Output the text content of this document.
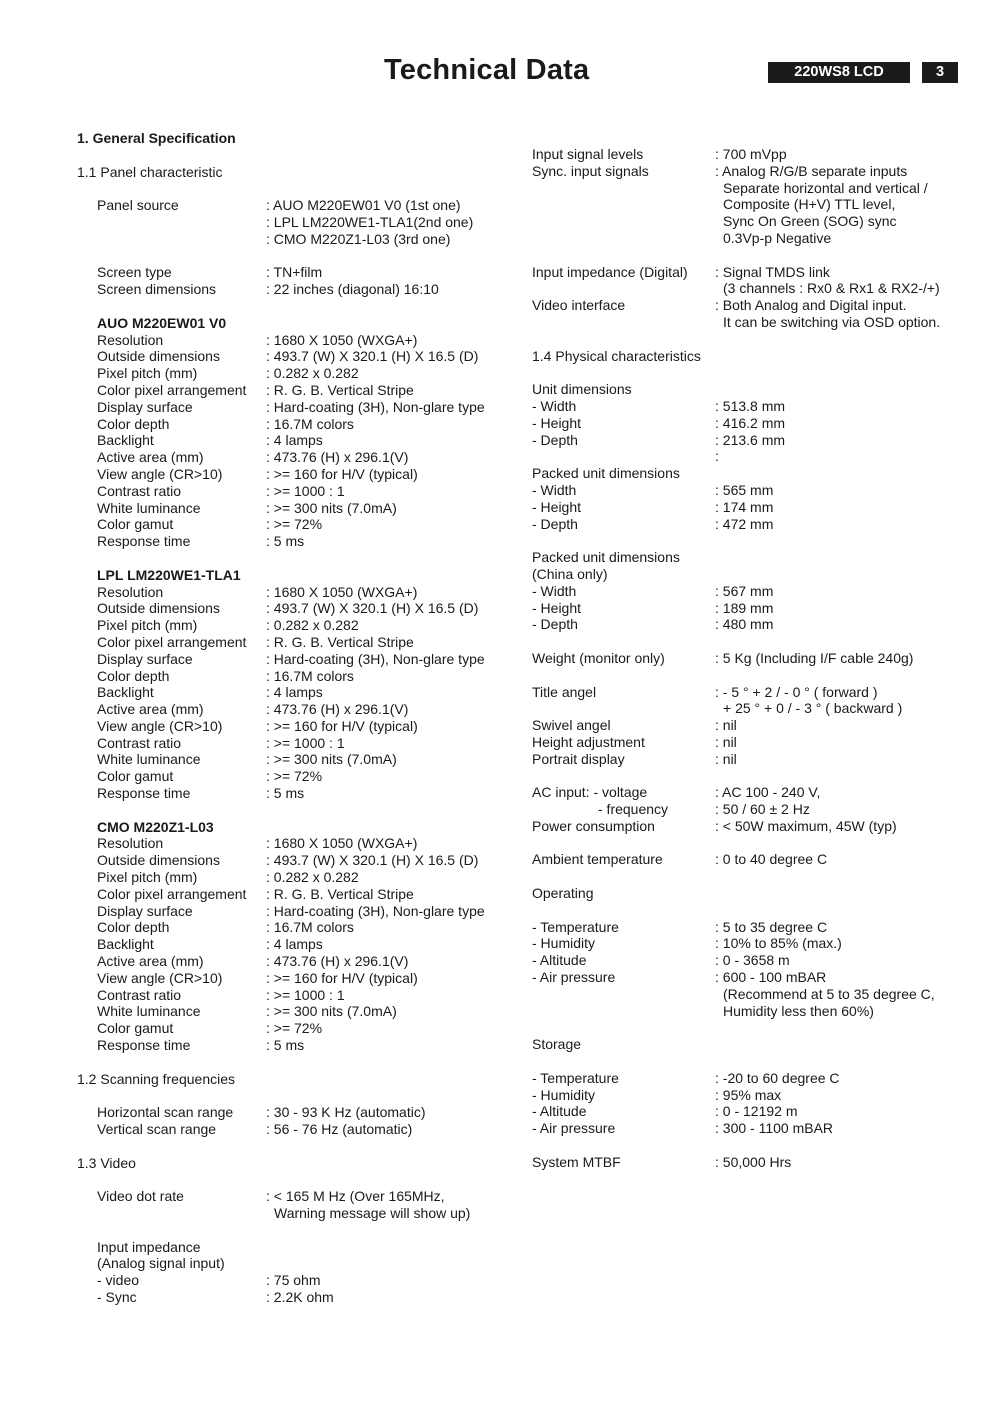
Technical Data	220WS8 LCD	3
1. General Specification
1.1 Panel characteristic
Panel source	: AUO M220EW01 V0 (1st one)
: LPL LM220WE1-TLA1(2nd one)
: CMO M220Z1-L03 (3rd one)
Screen type	: TN+film
Screen dimensions	: 22 inches (diagonal) 16:10
AUO M220EW01 V0
Resolution	: 1680 X 1050 (WXGA+)
Outside dimensions	: 493.7 (W) X 320.1 (H) X 16.5 (D)
Pixel pitch (mm)	: 0.282 x 0.282
Color pixel arrangement	: R. G. B. Vertical Stripe
Display surface	: Hard-coating (3H), Non-glare type
Color depth	: 16.7M colors
Backlight	: 4 lamps
Active area (mm)	: 473.76 (H) x 296.1(V)
View angle (CR>10)	: >= 160 for H/V (typical)
Contrast ratio	: >= 1000 : 1
White luminance	: >= 300 nits (7.0mA)
Color gamut	: >= 72%
Response time	: 5 ms
LPL LM220WE1-TLA1
Resolution	: 1680 X 1050 (WXGA+)
Outside dimensions	: 493.7 (W) X 320.1 (H) X 16.5 (D)
Pixel pitch (mm)	: 0.282 x 0.282
Color pixel arrangement	: R. G. B. Vertical Stripe
Display surface	: Hard-coating (3H), Non-glare type
Color depth	: 16.7M colors
Backlight	: 4 lamps
Active area (mm)	: 473.76 (H) x 296.1(V)
View angle (CR>10)	: >= 160 for H/V (typical)
Contrast ratio	: >= 1000 : 1
White luminance	: >= 300 nits (7.0mA)
Color gamut	: >= 72%
Response time	: 5 ms
CMO M220Z1-L03
Resolution	: 1680 X 1050 (WXGA+)
Outside dimensions	: 493.7 (W) X 320.1 (H) X 16.5 (D)
Pixel pitch (mm)	: 0.282 x 0.282
Color pixel arrangement	: R. G. B. Vertical Stripe
Display surface	: Hard-coating (3H), Non-glare type
Color depth	: 16.7M colors
Backlight	: 4 lamps
Active area (mm)	: 473.76 (H) x 296.1(V)
View angle (CR>10)	: >= 160 for H/V (typical)
Contrast ratio	: >= 1000 : 1
White luminance	: >= 300 nits (7.0mA)
Color gamut	: >= 72%
Response time	: 5 ms
1.2 Scanning frequencies
Horizontal scan range	: 30 - 93 K Hz (automatic)
Vertical scan range	: 56 - 76 Hz (automatic)
1.3 Video
Video dot rate	: < 165 M Hz (Over 165MHz,
Warning message will show up)
Input impedance
(Analog signal input)
- video	: 75 ohm
- Sync	: 2.2K ohm
Input signal levels	: 700 mVpp
Sync. input signals	: Analog R/G/B separate inputs
Separate horizontal and vertical /
Composite (H+V) TTL level,
Sync On Green (SOG) sync
0.3Vp-p Negative
Input impedance (Digital)	: Signal TMDS link
(3 channels : Rx0 & Rx1 & RX2-/+)
Video interface	: Both Analog and Digital input.
It can be switching via OSD option.
1.4 Physical characteristics
Unit dimensions
- Width	: 513.8 mm
- Height	: 416.2 mm
- Depth	: 213.6 mm
:
Packed unit dimensions
- Width	: 565 mm
- Height	: 174 mm
- Depth	: 472 mm
Packed unit dimensions
(China only)
- Width	: 567 mm
- Height	: 189 mm
- Depth	: 480 mm
Weight (monitor only)	: 5 Kg (Including I/F cable 240g)
Title angel	: - 5 ° + 2 / - 0 ° ( forward )
+ 25 ° + 0 / - 3 ° ( backward )
Swivel angel	: nil
Height adjustment	: nil
Portrait display	: nil
AC input: - voltage	: AC 100 - 240 V,
- frequency	: 50 / 60 ± 2 Hz
Power consumption	: < 50W maximum, 45W (typ)
Ambient temperature	: 0 to 40 degree C
Operating
- Temperature	: 5 to 35 degree C
- Humidity	: 10% to 85% (max.)
- Altitude	: 0 - 3658 m
- Air pressure	: 600 - 100 mBAR
(Recommend at 5 to 35 degree C,
Humidity less then 60%)
Storage
- Temperature	: -20 to 60 degree C
- Humidity	: 95% max
- Altitude	: 0 - 12192 m
- Air pressure	: 300 - 1100 mBAR
System MTBF	: 50,000 Hrs
